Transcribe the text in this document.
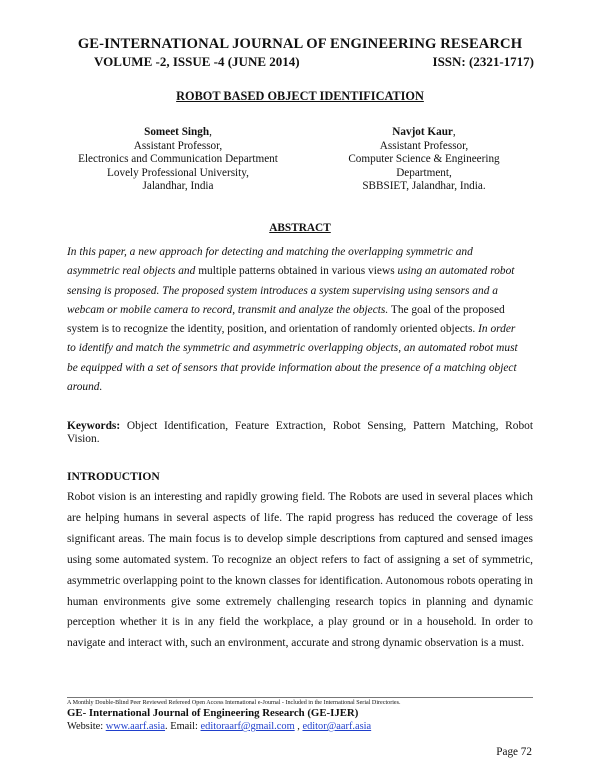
GE-INTERNATIONAL JOURNAL OF ENGINEERING RESEARCH
VOLUME -2, ISSUE -4 (JUNE 2014)	ISSN: (2321-1717)
ROBOT BASED OBJECT IDENTIFICATION
Someet Singh,
Assistant Professor,
Electronics and Communication Department
Lovely Professional University,
Jalandhar, India
Navjot Kaur,
Assistant Professor,
Computer Science & Engineering
Department,
SBBSIET, Jalandhar, India.
ABSTRACT
In this paper, a new approach for detecting and matching the overlapping symmetric and asymmetric real objects and multiple patterns obtained in various views using an automated robot sensing is proposed. The proposed system introduces a system supervising using sensors and a webcam or mobile camera to record, transmit and analyze the objects. The goal of the proposed system is to recognize the identity, position, and orientation of randomly oriented objects. In order to identify and match the symmetric and asymmetric overlapping objects, an automated robot must be equipped with a set of sensors that provide information about the presence of a matching object around.
Keywords: Object Identification, Feature Extraction, Robot Sensing, Pattern Matching, Robot Vision.
INTRODUCTION
Robot vision is an interesting and rapidly growing field. The Robots are used in several places which are helping humans in several aspects of life. The rapid progress has reduced the coverage of less significant areas. The main focus is to develop simple descriptions from captured and sensed images using some automated system. To recognize an object refers to fact of assigning a set of symmetric, asymmetric overlapping point to the known classes for identification. Autonomous robots operating in human environments give some extremely challenging research topics in planning and dynamic perception whether it is in any field the workplace, a play ground or in a household. In order to navigate and interact with, such an environment, accurate and strong dynamic observation is a must.
A Monthly Double-Blind Peer Reviewed Refereed Open Access International e-Journal - Included in the International Serial Directories.
GE- International Journal of Engineering Research (GE-IJER)
Website: www.aarf.asia. Email: editoraarf@gmail.com , editor@aarf.asia
Page 72
